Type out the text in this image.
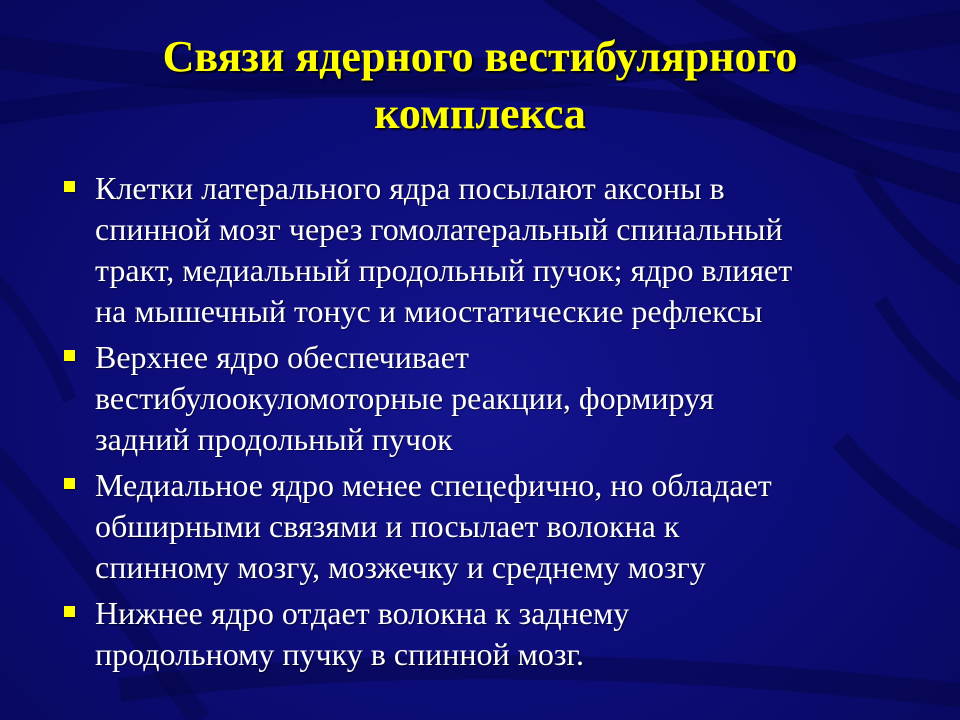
Связи ядерного вестибулярного
комплекса
Клетки латерального ядра посылают аксоны в
спинной мозг через гомолатеральный спинальный
тракт, медиальный продольный пучок; ядро влияет
на мышечный тонус и миостатические рефлексы
Верхнее ядро обеспечивает
вестибулоокуломоторные реакции, формируя
задний продольный пучок
Медиальное ядро менее спецефично, но обладает
обширными связями и посылает волокна к
спинному мозгу, мозжечку и среднему мозгу
Нижнее ядро отдает волокна к заднему
продольному пучку в спинной мозг.
